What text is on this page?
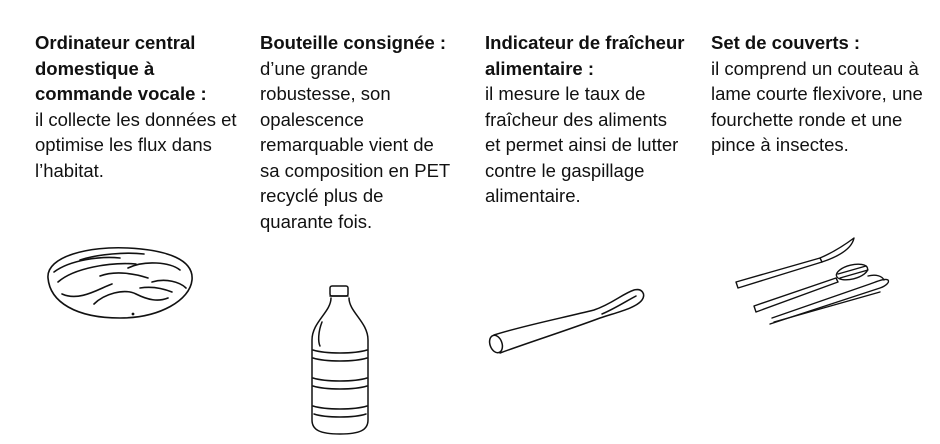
Ordinateur central domestique à commande vocale :
il collecte les données et optimise les flux dans l’habitat.
Bouteille consignée :
d’une grande robustesse, son opalescence remarquable vient de sa composition en PET recyclé plus de quarante fois.
Indicateur de fraîcheur alimentaire :
il mesure le taux de fraîcheur des aliments et permet ainsi de lutter contre le gaspillage alimentaire.
Set de couverts :
il comprend un couteau à lame courte flexivore, une fourchette ronde et une pince à insectes.
